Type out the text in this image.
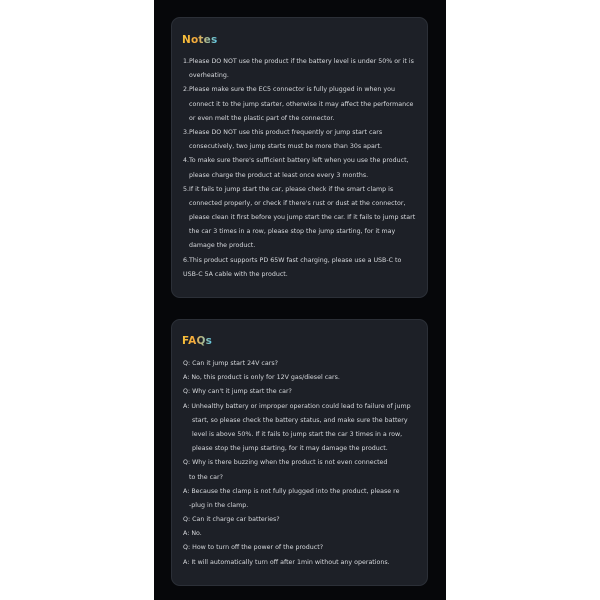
Notes
1.Please DO NOT use the product if the battery level is under 50% or it is
overheating.
2.Please make sure the EC5 connector is fully plugged in when you
connect it to the jump starter, otherwise it may affect the performance
or even melt the plastic part of the connector.
3.Please DO NOT use this product frequently or jump start cars
consecutively, two jump starts must be more than 30s apart.
4.To make sure there's sufficient battery left when you use the product,
please charge the product at least once every 3 months.
5.If it fails to jump start the car, please check if the smart clamp is
connected properly, or check if there's rust or dust at the connector,
please clean it first before you jump start the car. If it fails to jump start
the car 3 times in a row, please stop the jump starting, for it may
damage the product.
6.This product supports PD 65W fast charging, please use a USB-C to
USB-C 5A cable with the product.
FAQs
Q: Can it jump start 24V cars?
A: No, this product is only for 12V gas/diesel cars.
Q: Why can't it jump start the car?
A: Unhealthy battery or improper operation could lead to failure of jump
start, so please check the battery status, and make sure the battery
level is above 50%. If it fails to jump start the car 3 times in a row,
please stop the jump starting, for it may damage the product.
Q: Why is there buzzing when the product is not even connected
to the car?
A: Because the clamp is not fully plugged into the product, please re
-plug in the clamp.
Q: Can it charge car batteries?
A: No.
Q: How to turn off the power of the product?
A: It will automatically turn off after 1min without any operations.
